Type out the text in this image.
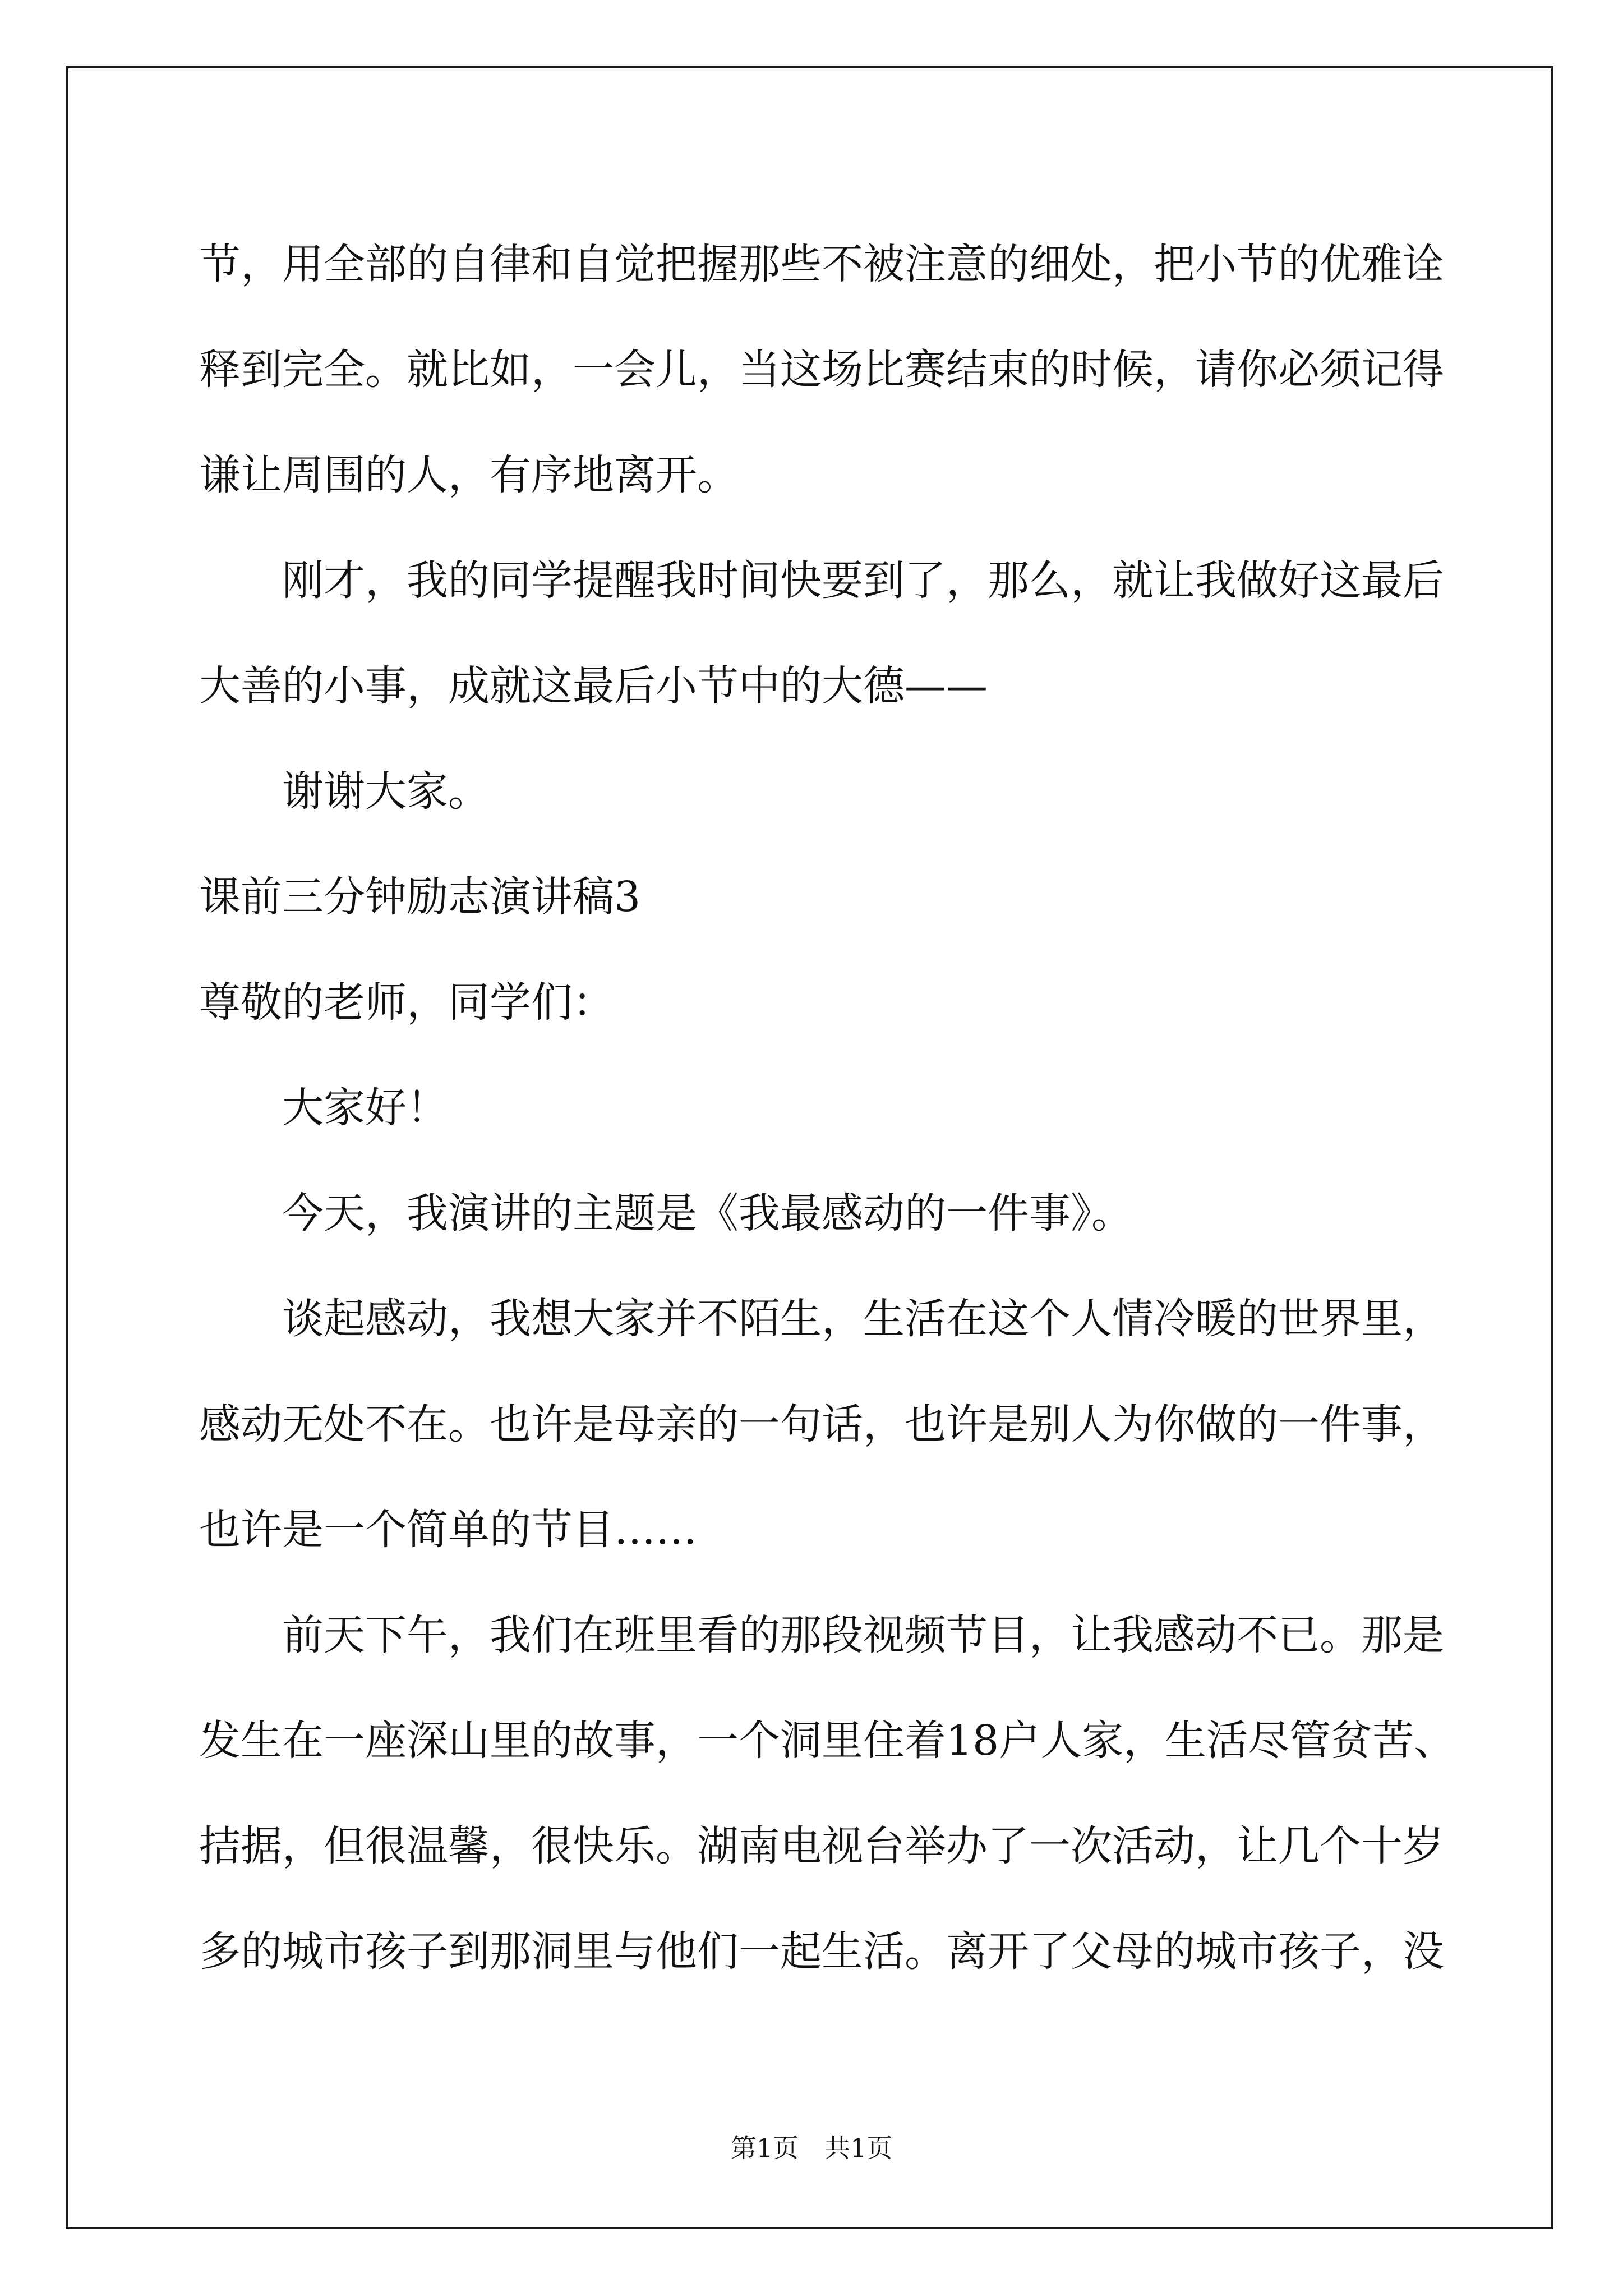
节，用全部的自律和自觉把握那些不被注意的细处，把小节的优雅诠
释到完全。就比如，一会儿，当这场比赛结束的时候，请你必须记得
谦让周围的人，有序地离开。
刚才，我的同学提醒我时间快要到了，那么，就让我做好这最后
大善的小事，成就这最后小节中的大德——
谢谢大家。
课前三分钟励志演讲稿3
尊敬的老师，同学们：
大家好！
今天，我演讲的主题是《我最感动的一件事》。
谈起感动，我想大家并不陌生，生活在这个人情冷暖的世界里，
感动无处不在。也许是母亲的一句话，也许是别人为你做的一件事，
也许是一个简单的节目……
前天下午，我们在班里看的那段视频节目，让我感动不已。那是
发生在一座深山里的故事，一个洞里住着18户人家，生活尽管贫苦、
拮据，但很温馨，很快乐。湖南电视台举办了一次活动，让几个十岁
多的城市孩子到那洞里与他们一起生活。离开了父母的城市孩子，没
第1页　共1页
